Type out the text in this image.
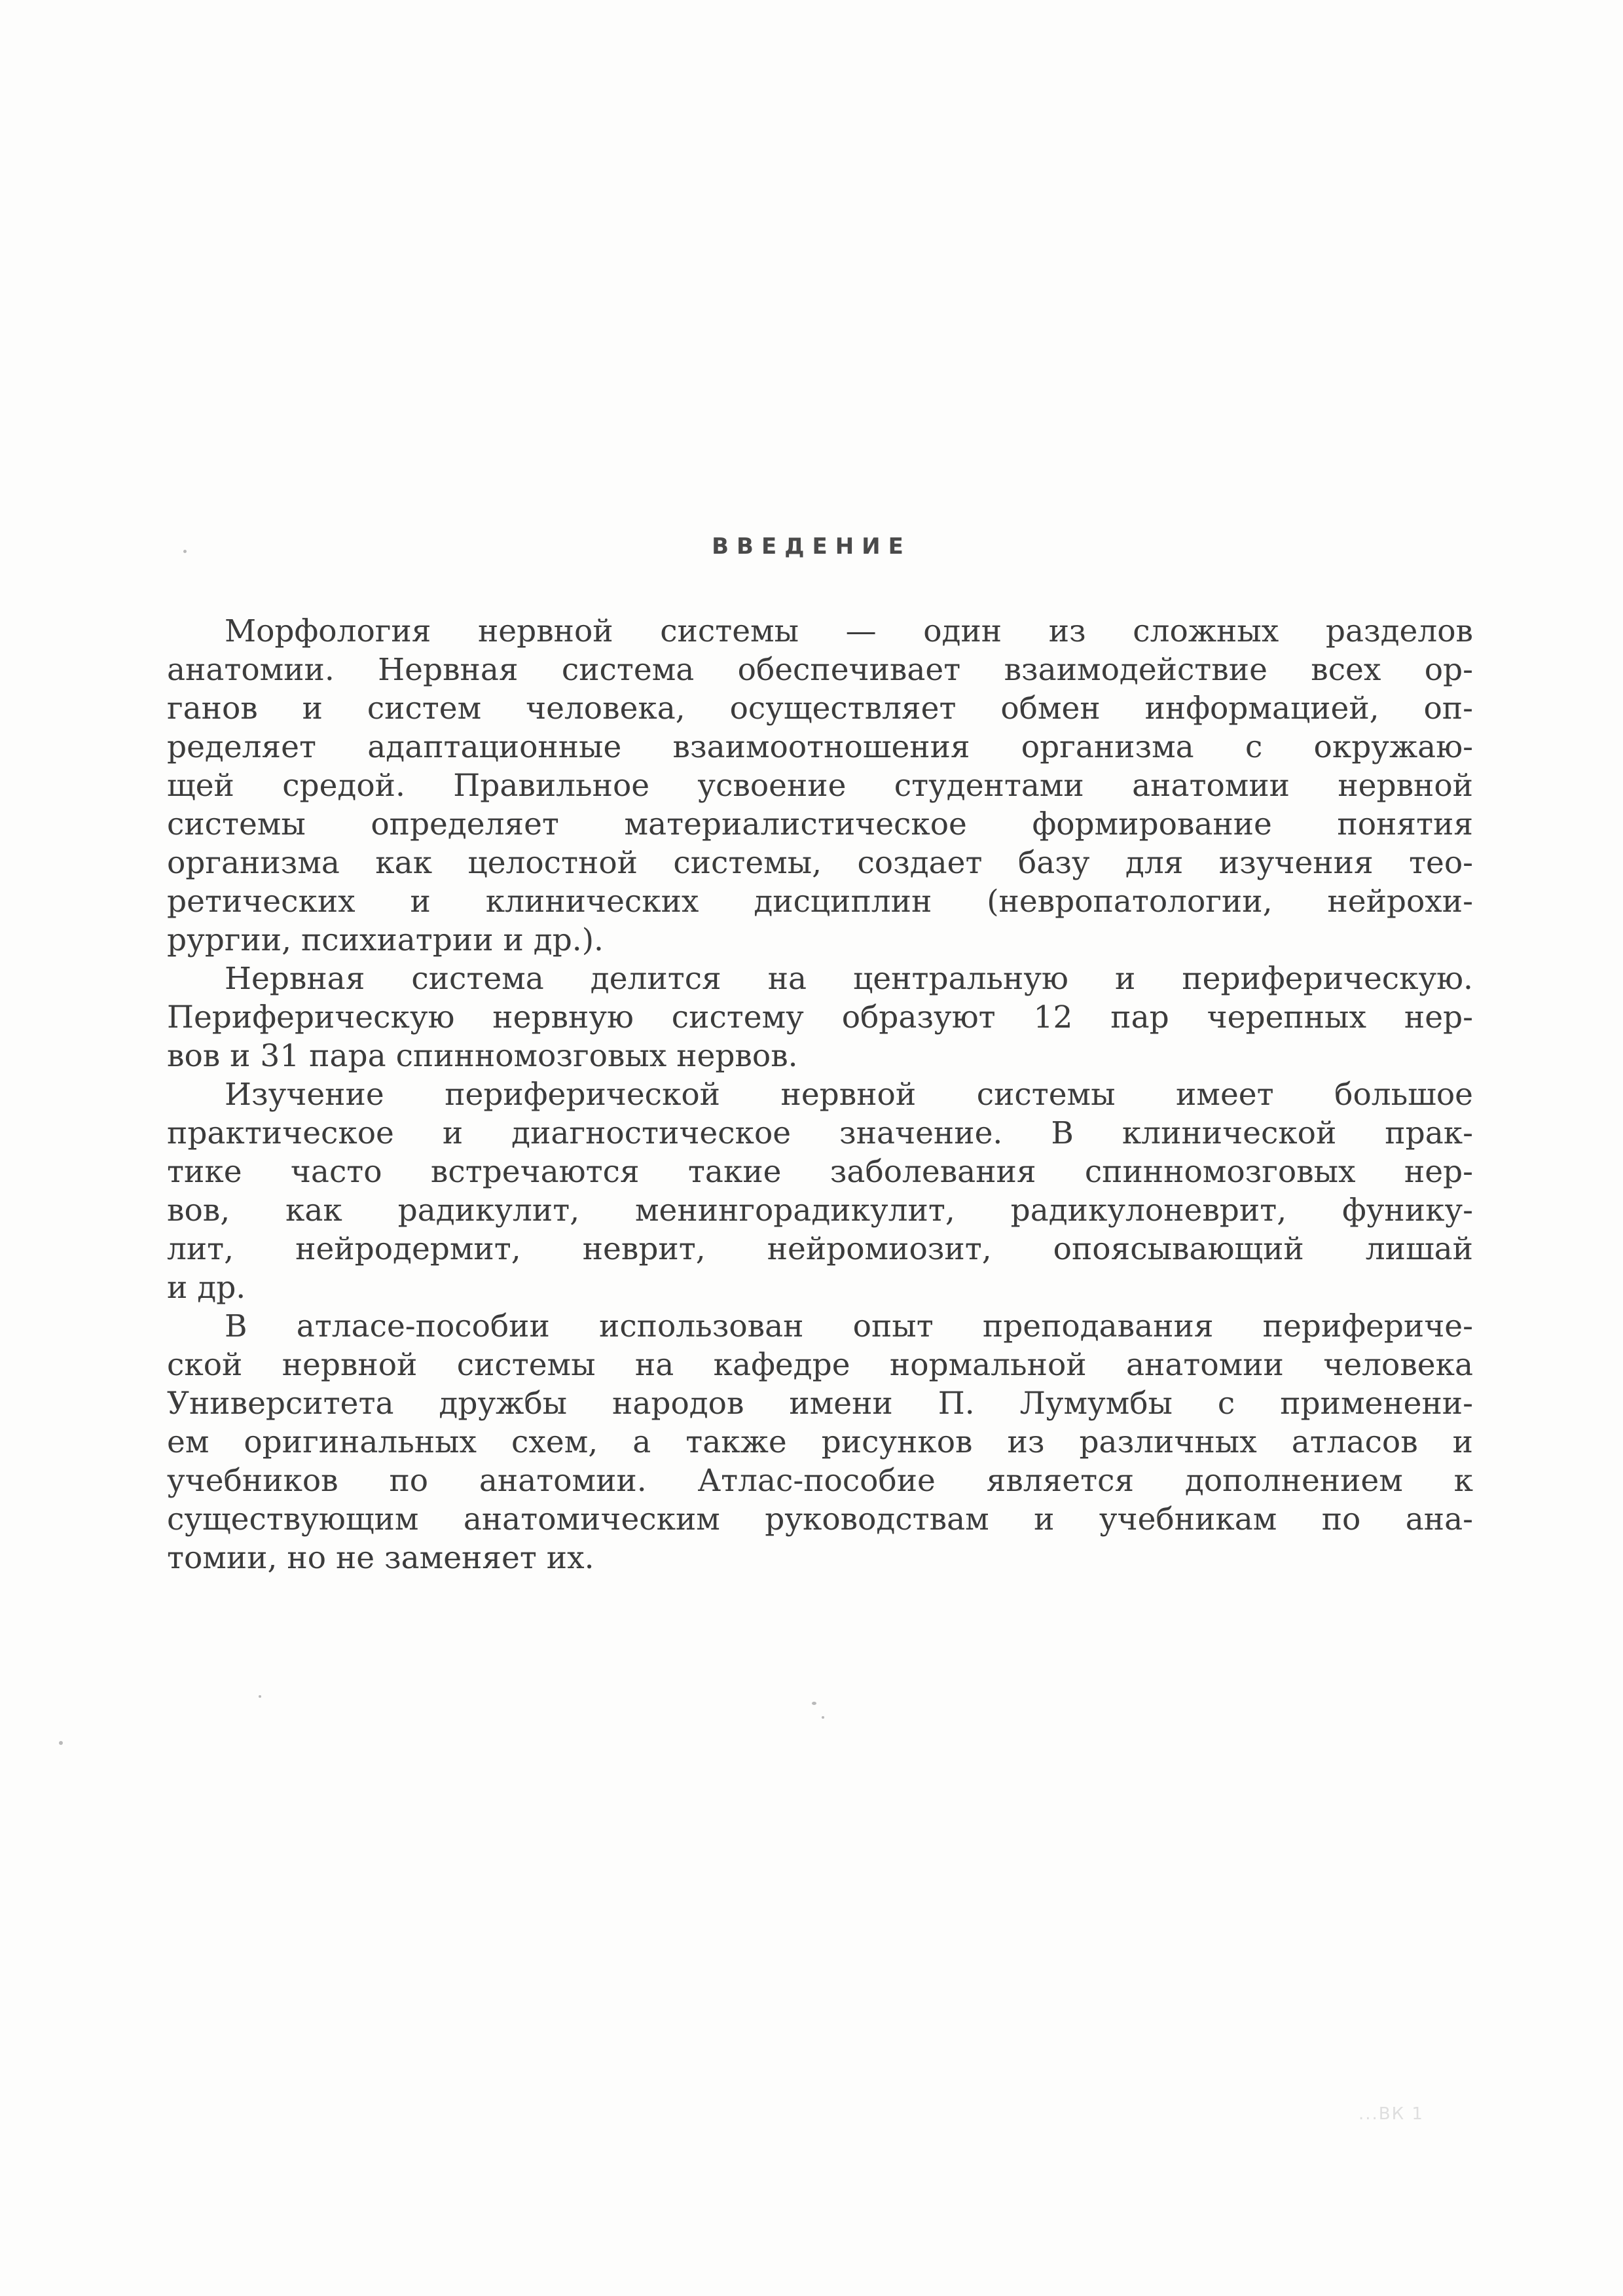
ВВЕДЕНИЕ
Морфология нервной системы — один из сложных разделов
анатомии. Нервная система обеспечивает взаимодействие всех ор-
ганов и систем человека, осуществляет обмен информацией, оп-
ределяет адаптационные взаимоотношения организма с окружаю-
щей средой. Правильное усвоение студентами анатомии нервной
системы определяет материалистическое формирование понятия
организма как целостной системы, создает базу для изучения тео-
ретических и клинических дисциплин (невропатологии, нейрохи-
рургии, психиатрии и др.).
Нервная система делится на центральную и периферическую.
Периферическую нервную систему образуют 12 пар черепных нер-
вов и 31 пара спинномозговых нервов.
Изучение периферической нервной системы имеет большое
практическое и диагностическое значение. В клинической прак-
тике часто встречаются такие заболевания спинномозговых нер-
вов, как радикулит, менингорадикулит, радикулоневрит, фунику-
лит, нейродермит, неврит, нейромиозит, опоясывающий лишай
и др.
В атласе-пособии использован опыт преподавания перифериче-
ской нервной системы на кафедре нормальной анатомии человека
Университета дружбы народов имени П. Лумумбы с применени-
ем оригинальных схем, а также рисунков из различных атласов и
учебников по анатомии. Атлас-пособие является дополнением к
существующим анатомическим руководствам и учебникам по ана-
томии, но не заменяет их.
...ВК 1
